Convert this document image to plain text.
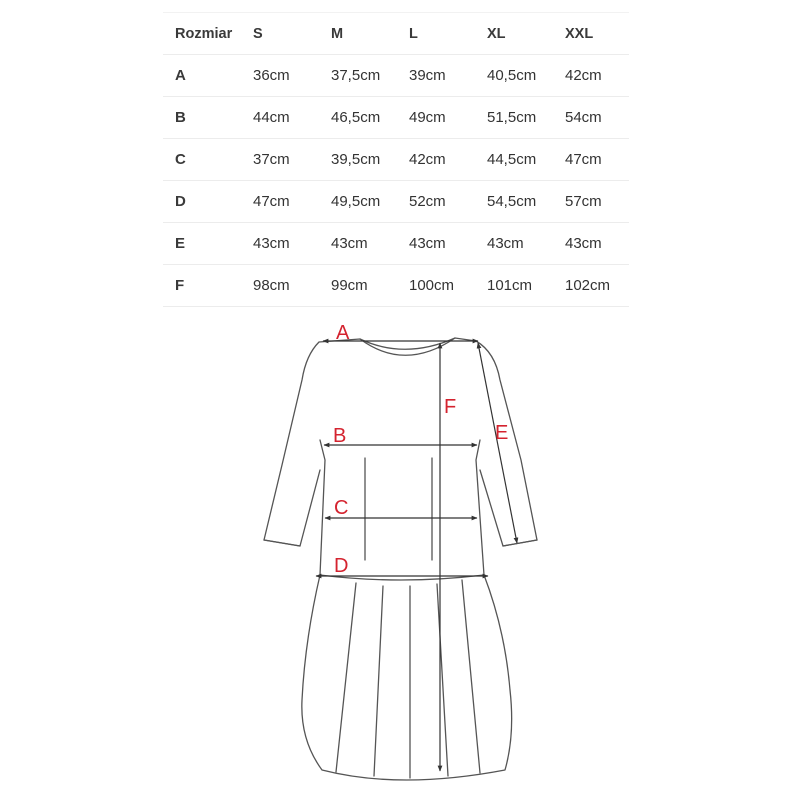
Rozmiar	S	M	L	XL	XXL
A	36cm	37,5cm	39cm	40,5cm	42cm
B	44cm	46,5cm	49cm	51,5cm	54cm
C	37cm	39,5cm	42cm	44,5cm	47cm
D	47cm	49,5cm	52cm	54,5cm	57cm
E	43cm	43cm	43cm	43cm	43cm
F	98cm	99cm	100cm	101cm	102cm
A
B
C
D
E
F
